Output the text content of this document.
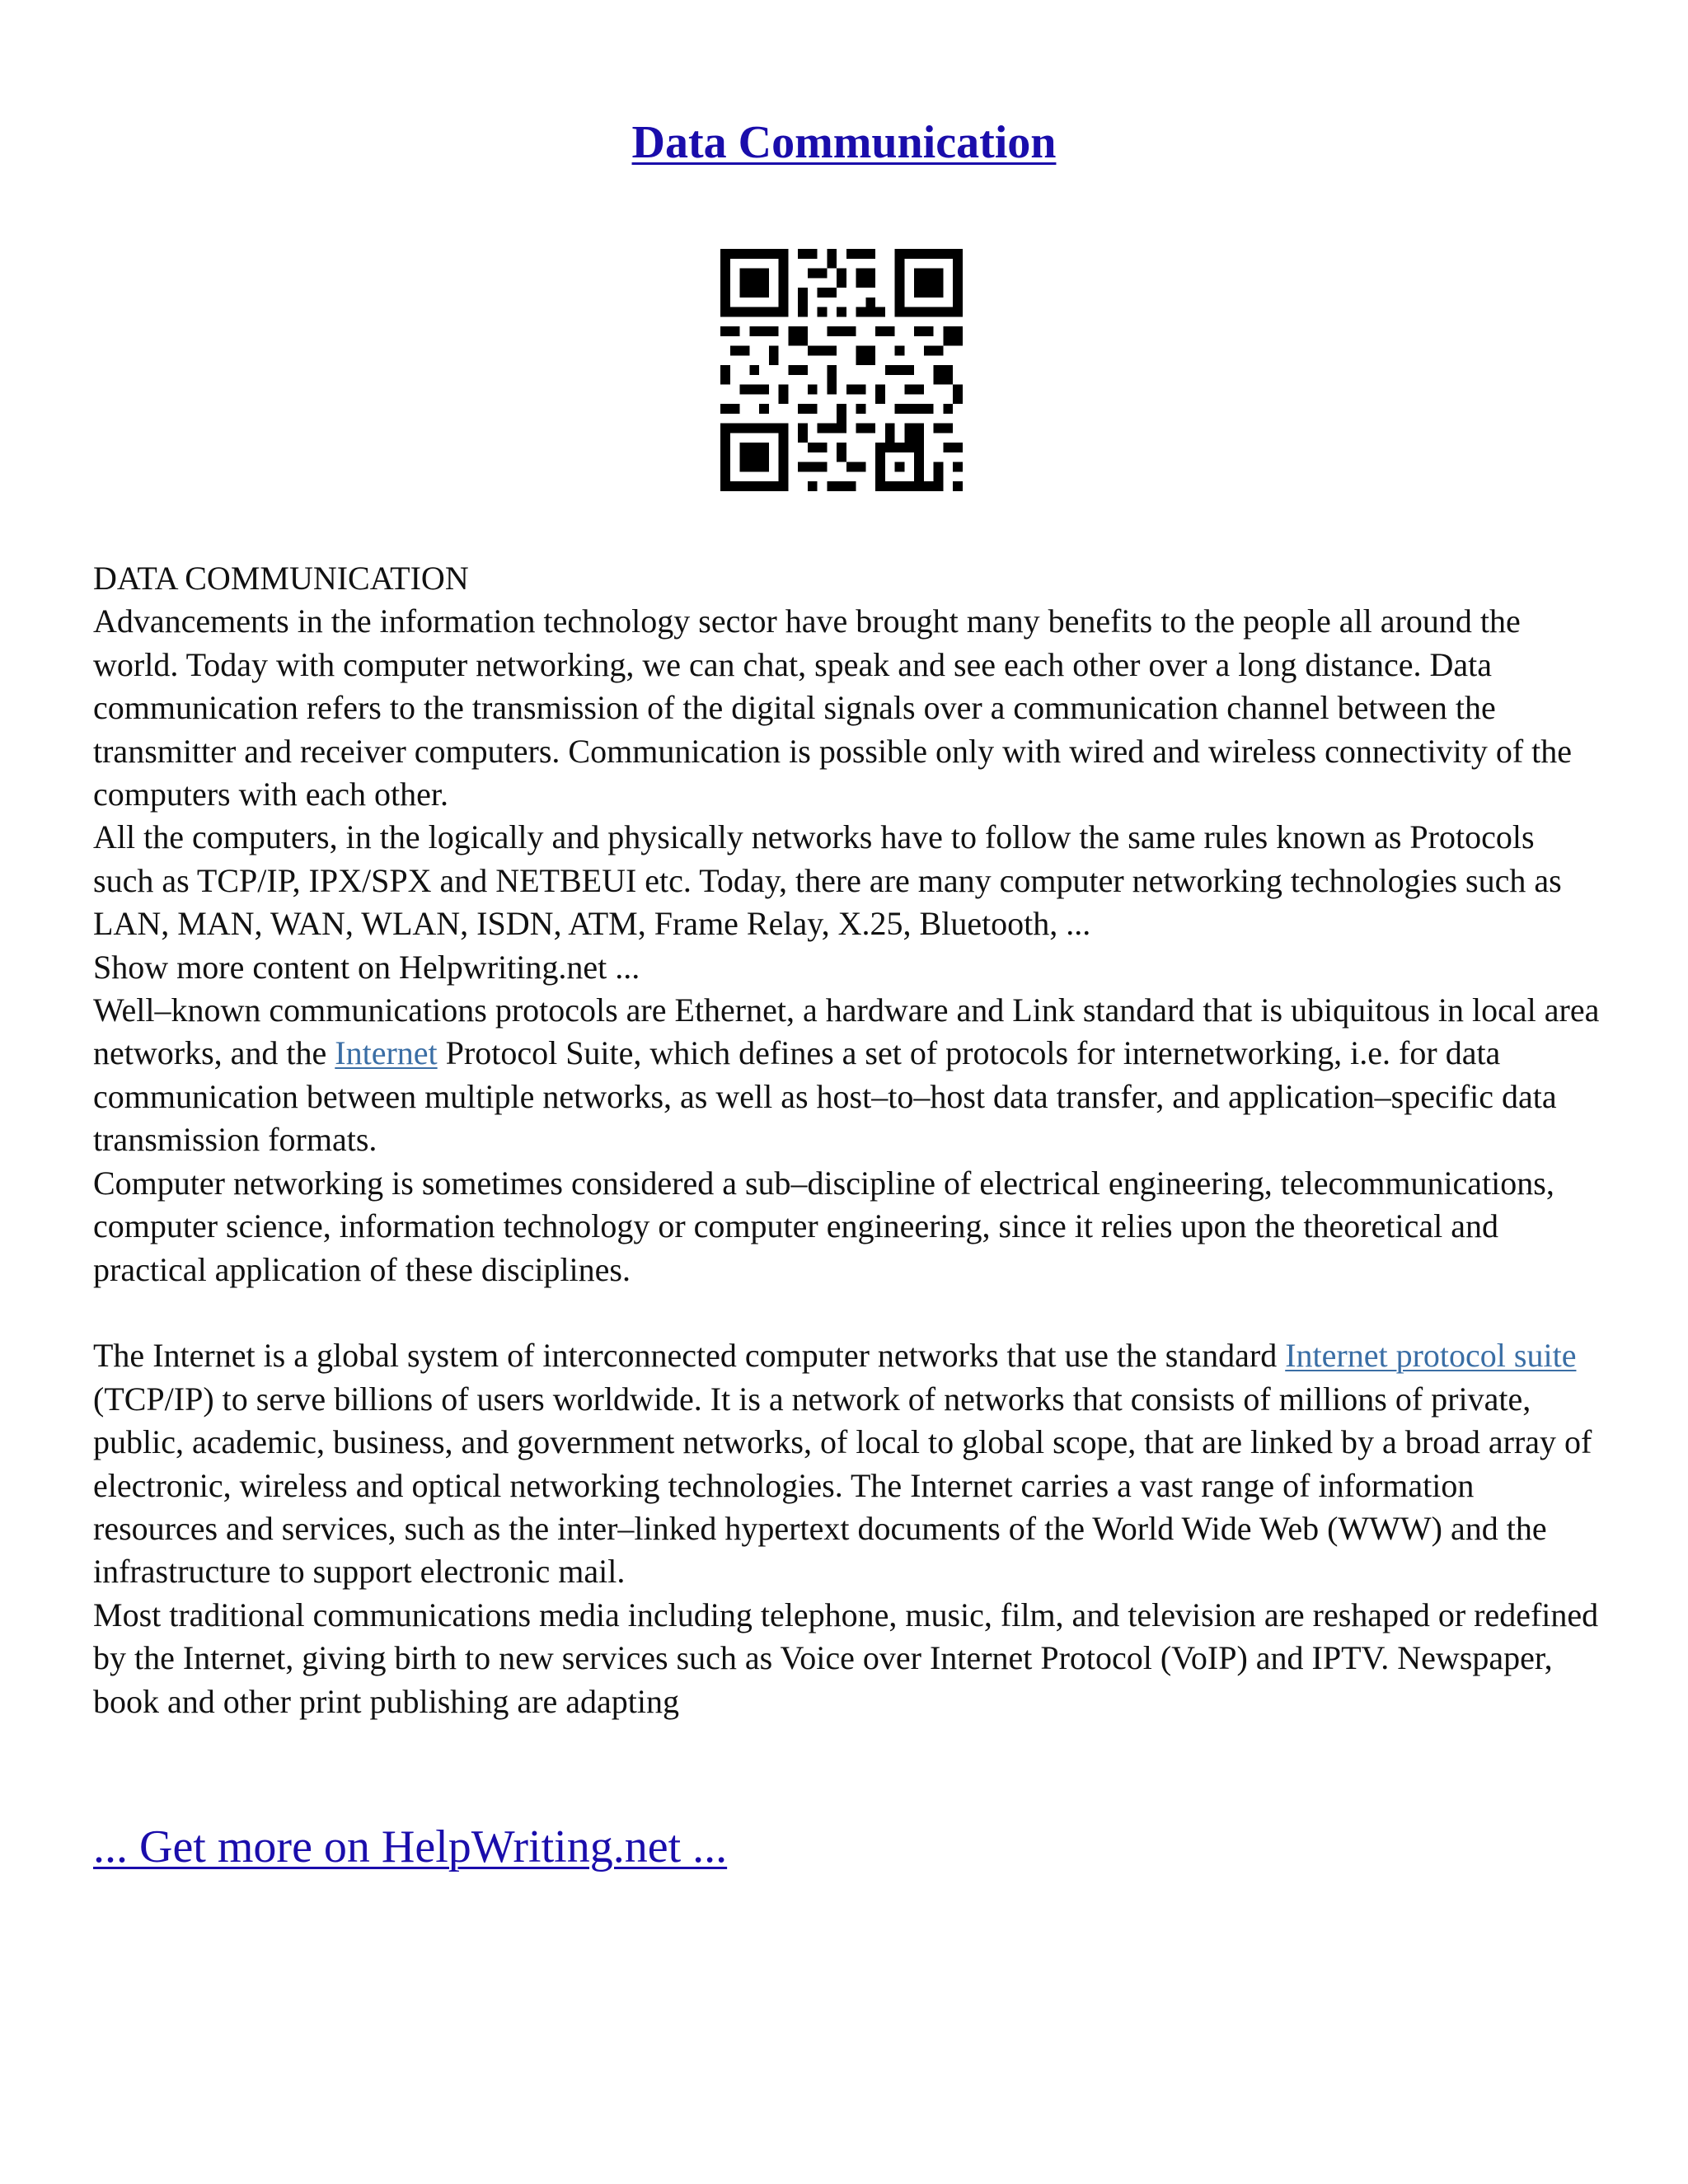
Data Communication

DATA COMMUNICATION

Advancements in the information technology sector have brought many benefits to the people all around the world. Today with computer networking, we can chat, speak and see each other over a long distance. Data communication refers to the transmission of the digital signals over a communication channel between the transmitter and receiver computers. Communication is possible only with wired and wireless connectivity of the computers with each other.

All the computers, in the logically and physically networks have to follow the same rules known as Protocols such as TCP/IP, IPX/SPX and NETBEUI etc. Today, there are many computer networking technologies such as LAN, MAN, WAN, WLAN, ISDN, ATM, Frame Relay, X.25, Bluetooth, ...

Show more content on Helpwriting.net ...

Well–known communications protocols are Ethernet, a hardware and Link standard that is ubiquitous in local area networks, and the Internet Protocol Suite, which defines a set of protocols for internetworking, i.e. for data communication between multiple networks, as well as host–to–host data transfer, and application–specific data transmission formats.

Computer networking is sometimes considered a sub–discipline of electrical engineering, telecommunications, computer science, information technology or computer engineering, since it relies upon the theoretical and practical application of these disciplines.

The Internet is a global system of interconnected computer networks that use the standard Internet protocol suite (TCP/IP) to serve billions of users worldwide. It is a network of networks that consists of millions of private, public, academic, business, and government networks, of local to global scope, that are linked by a broad array of electronic, wireless and optical networking technologies. The Internet carries a vast range of information resources and services, such as the inter–linked hypertext documents of the World Wide Web (WWW) and the infrastructure to support electronic mail.

Most traditional communications media including telephone, music, film, and television are reshaped or redefined by the Internet, giving birth to new services such as Voice over Internet Protocol (VoIP) and IPTV. Newspaper, book and other print publishing are adapting

... Get more on HelpWriting.net ...
